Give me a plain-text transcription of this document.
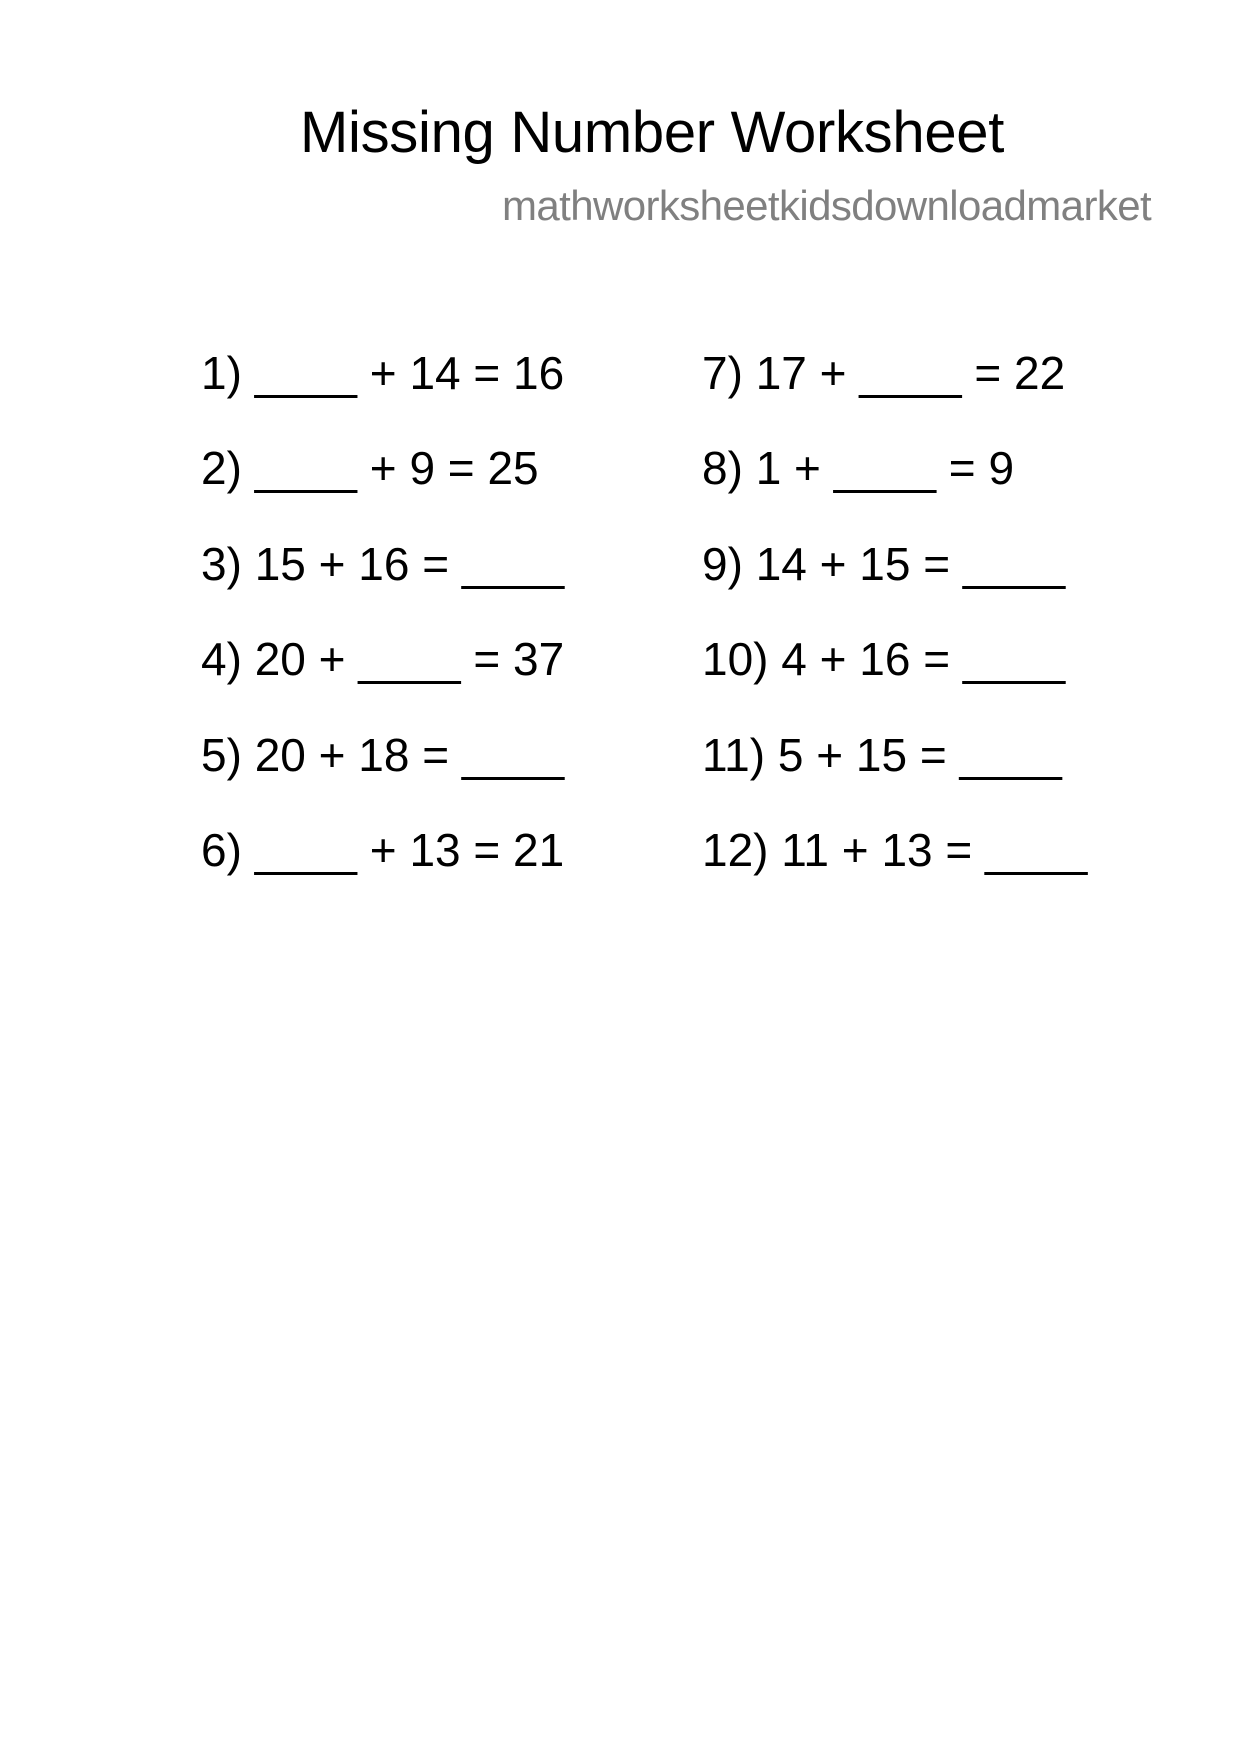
Missing Number Worksheet
mathworksheetkidsdownloadmarket
1) ____ + 14 = 16
2) ____ + 9 = 25
3) 15 + 16 = ____
4) 20 + ____ = 37
5) 20 + 18 = ____
6) ____ + 13 = 21
7) 17 + ____ = 22
8) 1 + ____ = 9
9) 14 + 15 = ____
10) 4 + 16 = ____
11) 5 + 15 = ____
12) 11 + 13 = ____
